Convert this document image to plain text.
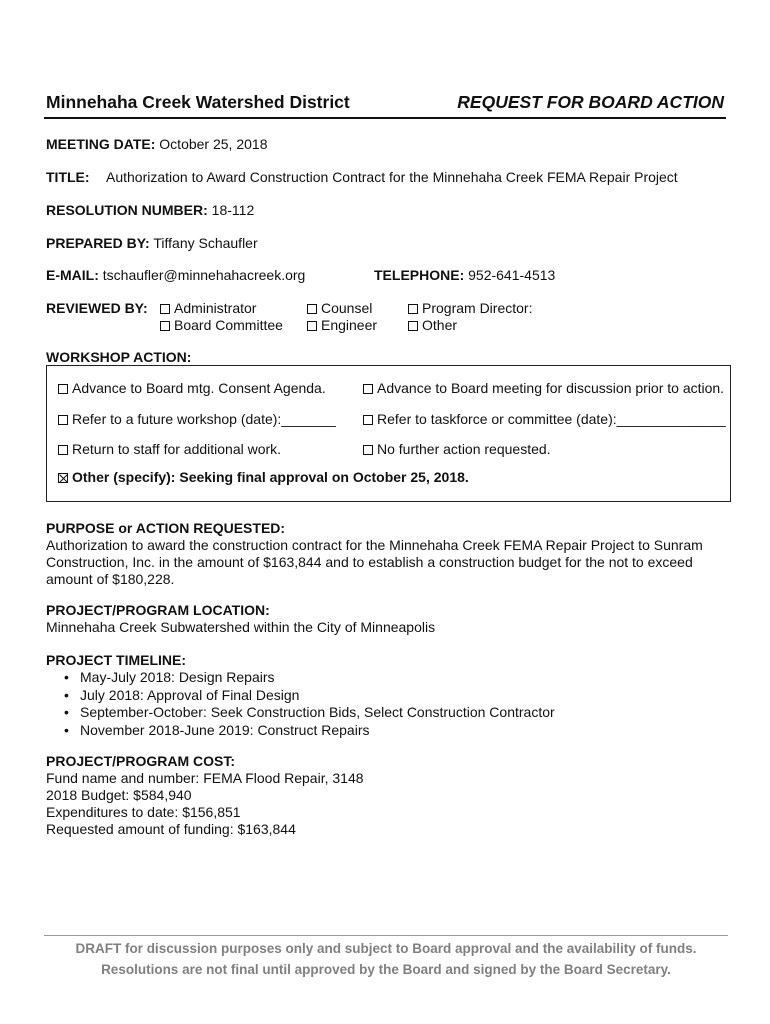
Minnehaha Creek Watershed District	REQUEST FOR BOARD ACTION
MEETING DATE: October 25, 2018
TITLE: Authorization to Award Construction Contract for the Minnehaha Creek FEMA Repair Project
RESOLUTION NUMBER: 18-112
PREPARED BY: Tiffany Schaufler
E-MAIL: tschaufler@minnehahacreek.org	TELEPHONE: 952-641-4513
REVIEWED BY:	Administrator	Counsel	Program Director:
Board Committee	Engineer	Other
WORKSHOP ACTION:
Advance to Board mtg. Consent Agenda.	Advance to Board meeting for discussion prior to action.
Refer to a future workshop (date):_______	Refer to taskforce or committee (date):______________
Return to staff for additional work.	No further action requested.
Other (specify): Seeking final approval on October 25, 2018.
PURPOSE or ACTION REQUESTED:
Authorization to award the construction contract for the Minnehaha Creek FEMA Repair Project to Sunram
Construction, Inc. in the amount of $163,844 and to establish a construction budget for the not to exceed
amount of $180,228.
PROJECT/PROGRAM LOCATION:
Minnehaha Creek Subwatershed within the City of Minneapolis
PROJECT TIMELINE:
• May-July 2018: Design Repairs
• July 2018: Approval of Final Design
• September-October: Seek Construction Bids, Select Construction Contractor
• November 2018-June 2019: Construct Repairs
PROJECT/PROGRAM COST:
Fund name and number: FEMA Flood Repair, 3148
2018 Budget: $584,940
Expenditures to date: $156,851
Requested amount of funding: $163,844
DRAFT for discussion purposes only and subject to Board approval and the availability of funds.
Resolutions are not final until approved by the Board and signed by the Board Secretary.
